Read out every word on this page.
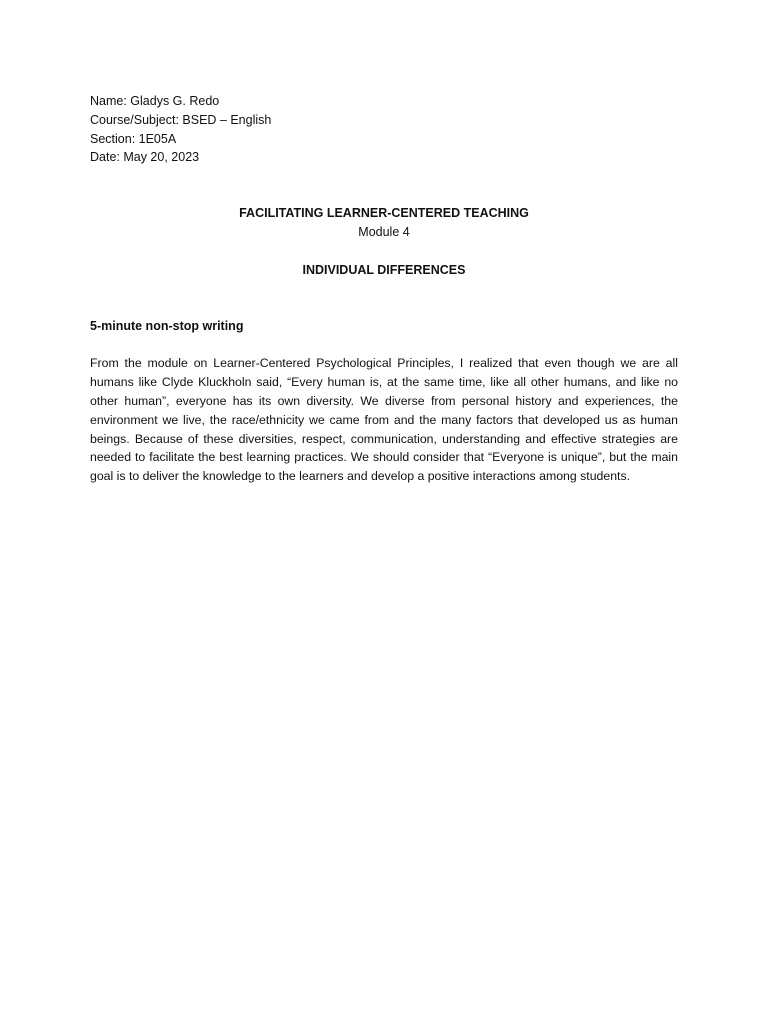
Name: Gladys G. Redo
Course/Subject: BSED – English
Section: 1E05A
Date: May 20, 2023
FACILITATING LEARNER-CENTERED TEACHING
Module 4
INDIVIDUAL DIFFERENCES
5-minute non-stop writing

From the module on Learner-Centered Psychological Principles, I realized that even though we are all humans like Clyde Kluckholn said, “Every human is, at the same time, like all other humans, and like no other human”, everyone has its own diversity. We diverse from personal history and experiences, the environment we live, the race/ethnicity we came from and the many factors that developed us as human beings. Because of these diversities, respect, communication, understanding and effective strategies are needed to facilitate the best learning practices. We should consider that “Everyone is unique”, but the main goal is to deliver the knowledge to the learners and develop a positive interactions among students.
